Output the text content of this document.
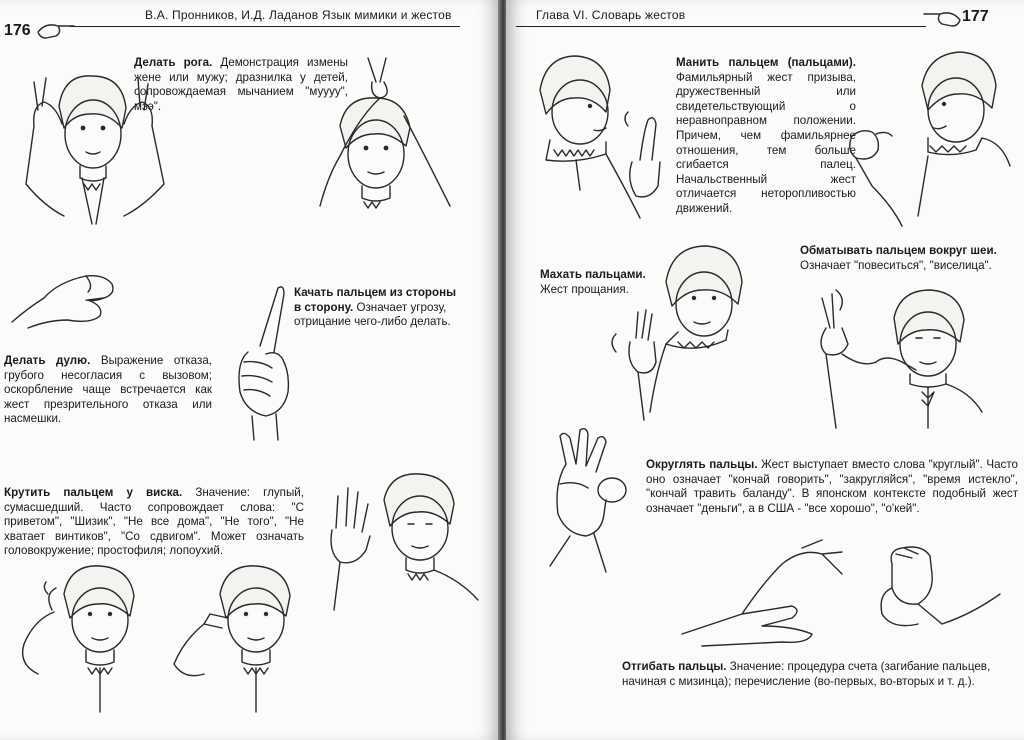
176
В.А. Пронников, И.Д. Ладанов Язык мимики и жестов
Делать рога. Демонстрация измены жене или мужу; дразнилка у детей, сопровождаемая мычанием "муууу", мээ".
Качать пальцем из стороны в сторону. Означает угрозу, отрицание чего-либо делать.
Делать дулю. Выражение отказа, грубого несогласия с вызовом; оскорбление чаще встречается как жест презрительного отказа или насмешки.
Крутить пальцем у виска. Значение: глупый, сумасшедший. Часто сопровождает слова: "С приветом", "Шизик", "Не все дома", "Не того", "Не хватает винтиков", "Со сдвигом". Может означать головокружение; простофиля; лопоухий.
Глава VI. Словарь жестов	177
Манить пальцем (пальцами). Фамильярный жест призыва, дружественный или свидетельствующий о неравноправном положении. Причем, чем фамильярнее отношения, тем больше сгибается палец. Начальственный жест отличается неторопливостью движений.
Обматывать пальцем вокруг шеи. Означает "повеситься", "виселица".
Махать пальцами.
Жест прощания.
Округлять пальцы. Жест выступает вместо слова "круглый". Часто оно означает "кончай говорить", "закругляйся", "время истекло", "кончай травить баланду". В японском контексте подобный жест означает "деньги", а в США - "все хорошо", "о'кей".
Отгибать пальцы. Значение: процедура счета (загибание пальцев, начиная с мизинца); перечисление (во-первых, во-вторых и т. д.).
